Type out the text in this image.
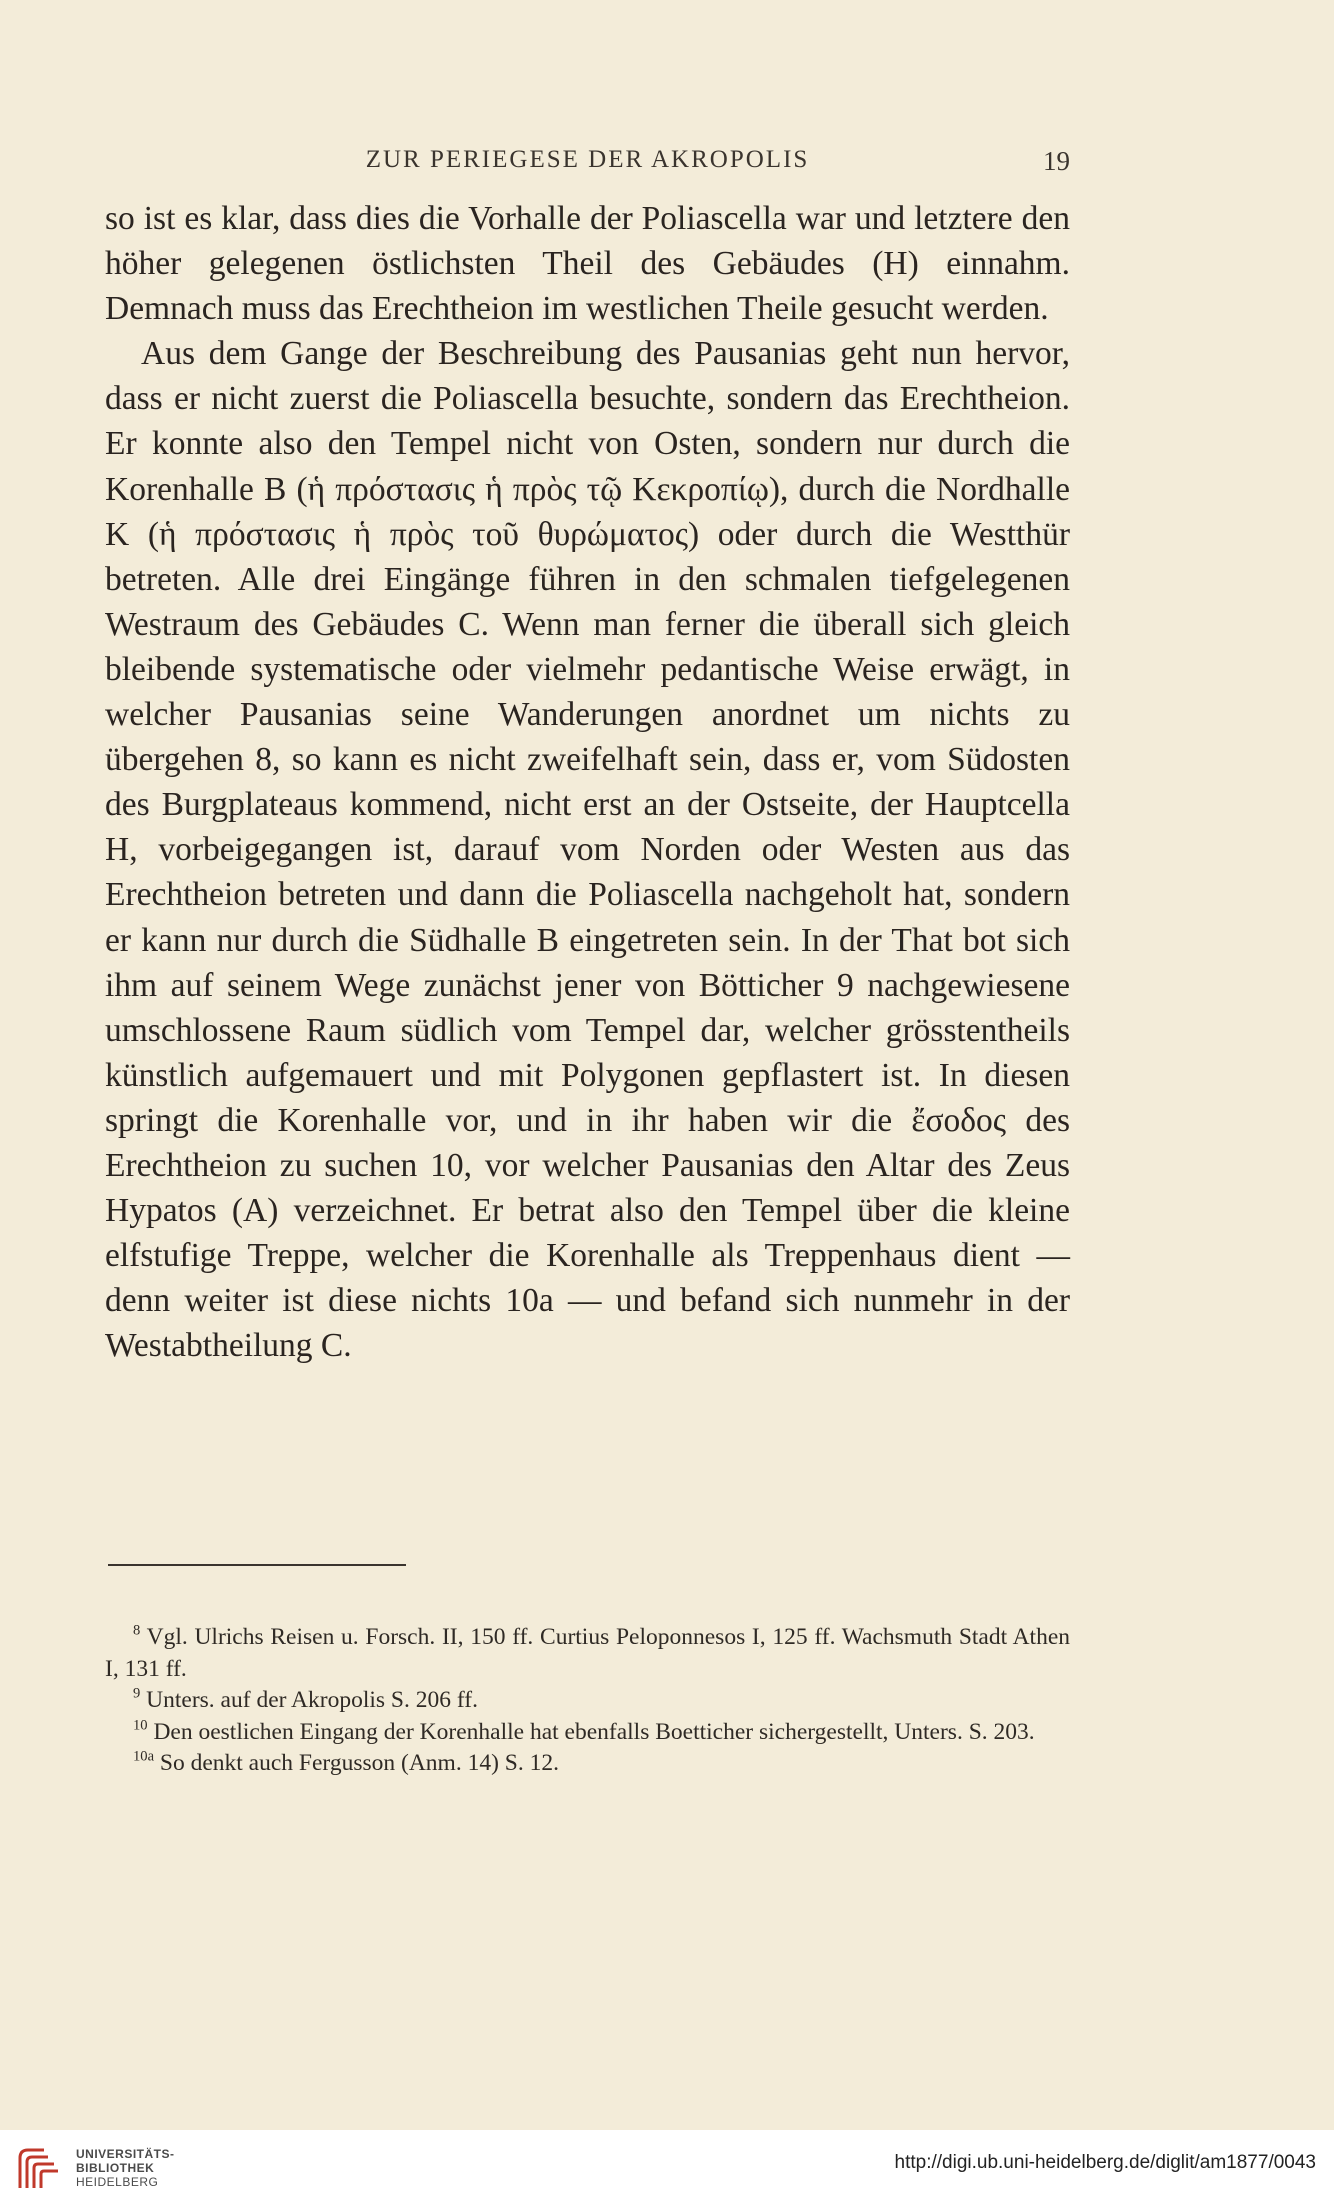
ZUR PERIEGESE DER AKROPOLIS	19

so ist es klar, dass dies die Vorhalle der Poliascella war und letztere den höher gelegenen östlichsten Theil des Gebäudes (H) einnahm. Demnach muss das Erechtheion im westlichen Theile gesucht werden.

Aus dem Gange der Beschreibung des Pausanias geht nun hervor, dass er nicht zuerst die Poliascella besuchte, sondern das Erechtheion. Er konnte also den Tempel nicht von Osten, sondern nur durch die Korenhalle B (ἡ πρόστασις ἡ πρὸς τῷ Κεκροπίῳ), durch die Nordhalle K (ἡ πρόστασις ἡ πρὸς τοῦ θυρώματος) oder durch die Westthür betreten. Alle drei Eingänge führen in den schmalen tiefgelegenen Westraum des Gebäudes C. Wenn man ferner die überall sich gleich bleibende systematische oder vielmehr pedantische Weise erwägt, in welcher Pausanias seine Wanderungen anordnet um nichts zu übergehen 8, so kann es nicht zweifelhaft sein, dass er, vom Südosten des Burgplateaus kommend, nicht erst an der Ostseite, der Hauptcella H, vorbeigegangen ist, darauf vom Norden oder Westen aus das Erechtheion betreten und dann die Poliascella nachgeholt hat, sondern er kann nur durch die Südhalle B eingetreten sein. In der That bot sich ihm auf seinem Wege zunächst jener von Bötticher 9 nachgewiesene umschlossene Raum südlich vom Tempel dar, welcher grösstentheils künstlich aufgemauert und mit Polygonen gepflastert ist. In diesen springt die Korenhalle vor, und in ihr haben wir die ἔσοδος des Erechtheion zu suchen 10, vor welcher Pausanias den Altar des Zeus Hypatos (A) verzeichnet. Er betrat also den Tempel über die kleine elfstufige Treppe, welcher die Korenhalle als Treppenhaus dient — denn weiter ist diese nichts 10a — und befand sich nunmehr in der Westabtheilung C.

$^8$ Vgl. Ulrichs Reisen u. Forsch. II, 150 ff. Curtius Peloponnesos I, 125 ff. Wachsmuth Stadt Athen I, 131 ff.

$^9$ Unters. auf der Akropolis S. 206 ff.

$^{10}$ Den oestlichen Eingang der Korenhalle hat ebenfalls Boetticher sichergestellt, Unters. S. 203.

$^{10a}$ So denkt auch Fergusson (Anm. 14) S. 12.

UNIVERSITÄTS-
BIBLIOTHEK
HEIDELBERG
http://digi.ub.uni-heidelberg.de/diglit/am1877/0043
